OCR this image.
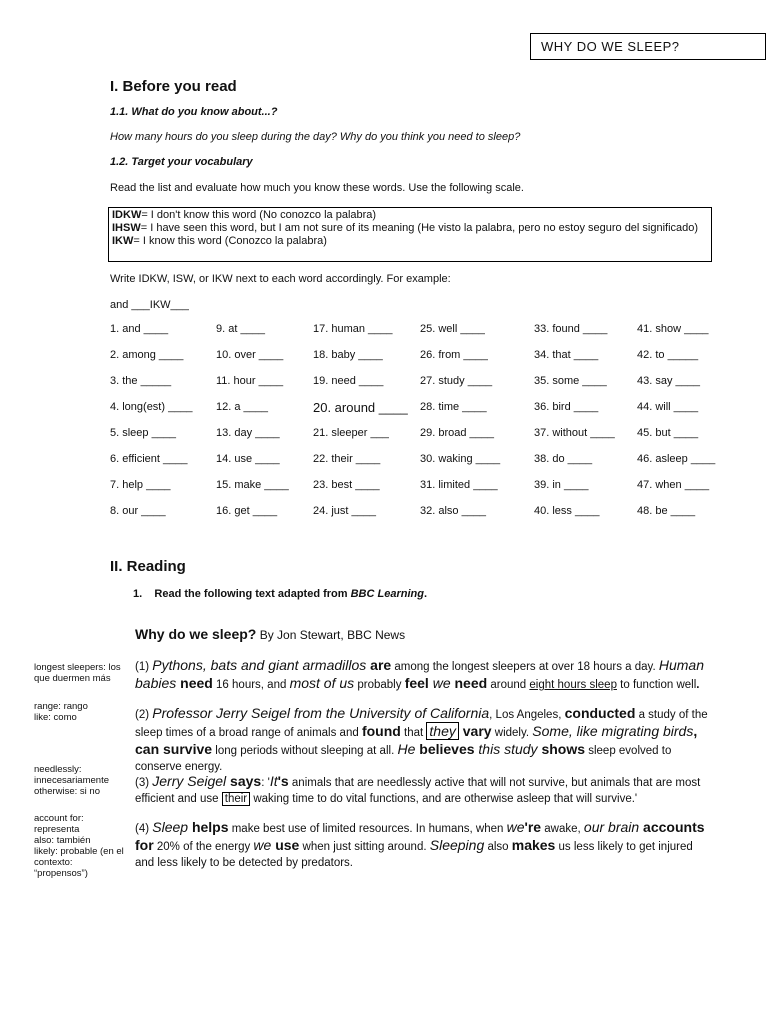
WHY DO WE SLEEP?
I. Before you read
1.1. What do you know about...?
How many hours do you sleep during the day? Why do you think you need to sleep?
1.2. Target your vocabulary
Read the list and evaluate how much you know these words. Use the following scale.
IDKW= I don't know this word (No conozco la palabra)
IHSW= I have seen this word, but I am not sure of its meaning (He visto la palabra, pero no estoy seguro del significado)
IKW= I know this word (Conozco la palabra)
Write IDKW, ISW, or IKW next to each word accordingly. For example:
and ___IKW___
1. and ____	9. at ____	17. human ____ 25. well ____	33. found ____	41. show ____
2. among ____	10. over ____	18. baby ____	26. from ____	34. that ____	42. to _____
3. the _____	11. hour ____	19. need ____	27. study ____	35. some ____	43. say ____
4. long(est) ____ 12. a ____	20. around ____ 28. time ____	36. bird ____	44. will ____
5. sleep ____	13. day ____	21. sleeper ___	29. broad ____	37. without ____ 45. but ____
6. efficient ____	14. use ____	22. their ____	30. waking ____	38. do ____	46. asleep ____
7. help ____	15. make ____ 23. best ____	31. limited ____	39. in ____	47. when ____
8. our ____	16. get ____	24. just ____	32. also ____	40. less ____	48. be ____
II. Reading
1. Read the following text adapted from BBC Learning.
Why do we sleep? By Jon Stewart, BBC News
longest sleepers: los que duermen más
range: rango
like: como
needlessly: innecesariamente
otherwise: si no
account for: representa
also: también
likely: probable (en el contexto: “propensos”)
(1) Pythons, bats and giant armadillos are among the longest sleepers at over 18 hours a day. Human babies need 16 hours, and most of us probably feel we need around eight hours sleep to function well.
(2) Professor Jerry Seigel from the University of California, Los Angeles, conducted a study of the sleep times of a broad range of animals and found that they vary widely. Some, like migrating birds, can survive long periods without sleeping at all. He believes this study shows sleep evolved to conserve energy.
(3) Jerry Seigel says: 'It's animals that are needlessly active that will not survive, but animals that are most efficient and use their waking time to do vital functions, and are otherwise asleep that will survive.'
(4) Sleep helps make best use of limited resources. In humans, when we're awake, our brain accounts for 20% of the energy we use when just sitting around. Sleeping also makes us less likely to get injured and less likely to be detected by predators.
